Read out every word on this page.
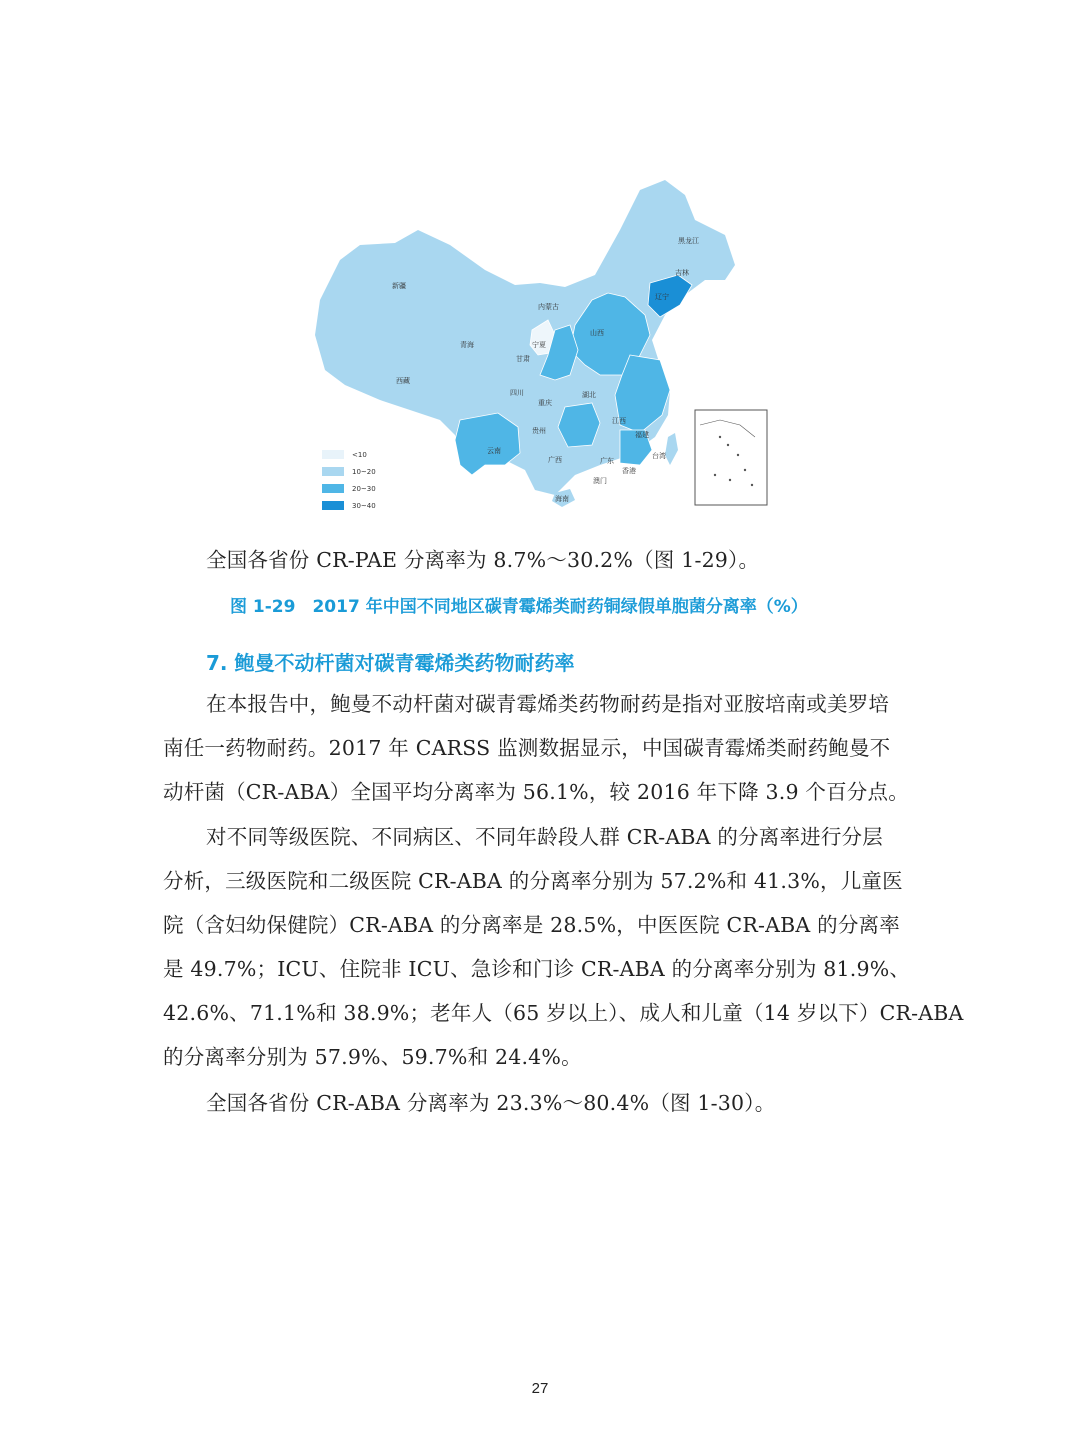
黑龙江
吉林
辽宁
新疆
内蒙古
青海
甘肃
宁夏
山西
西藏
四川
重庆
湖北
贵州
江西
福建
云南
广西	广东
台湾
香港
澳门
海南
<10
10~20
20~30
30~40
全国各省份 CR-PAE 分离率为 8.7%～30.2%（图 1-29）。
图 1-29　2017 年中国不同地区碳青霉烯类耐药铜绿假单胞菌分离率（%）
7. 鲍曼不动杆菌对碳青霉烯类药物耐药率
在本报告中，鲍曼不动杆菌对碳青霉烯类药物耐药是指对亚胺培南或美罗培
南任一药物耐药。2017 年 CARSS 监测数据显示，中国碳青霉烯类耐药鲍曼不
动杆菌（CR-ABA）全国平均分离率为 56.1%，较 2016 年下降 3.9 个百分点。
对不同等级医院、不同病区、不同年龄段人群 CR-ABA 的分离率进行分层
分析，三级医院和二级医院 CR-ABA 的分离率分别为 57.2%和 41.3%，儿童医
院（含妇幼保健院）CR-ABA 的分离率是 28.5%，中医医院 CR-ABA 的分离率
是 49.7%；ICU、住院非 ICU、急诊和门诊 CR-ABA 的分离率分别为 81.9%、
42.6%、71.1%和 38.9%；老年人（65 岁以上）、成人和儿童（14 岁以下）CR-ABA
的分离率分别为 57.9%、59.7%和 24.4%。
全国各省份 CR-ABA 分离率为 23.3%～80.4%（图 1-30）。
27
